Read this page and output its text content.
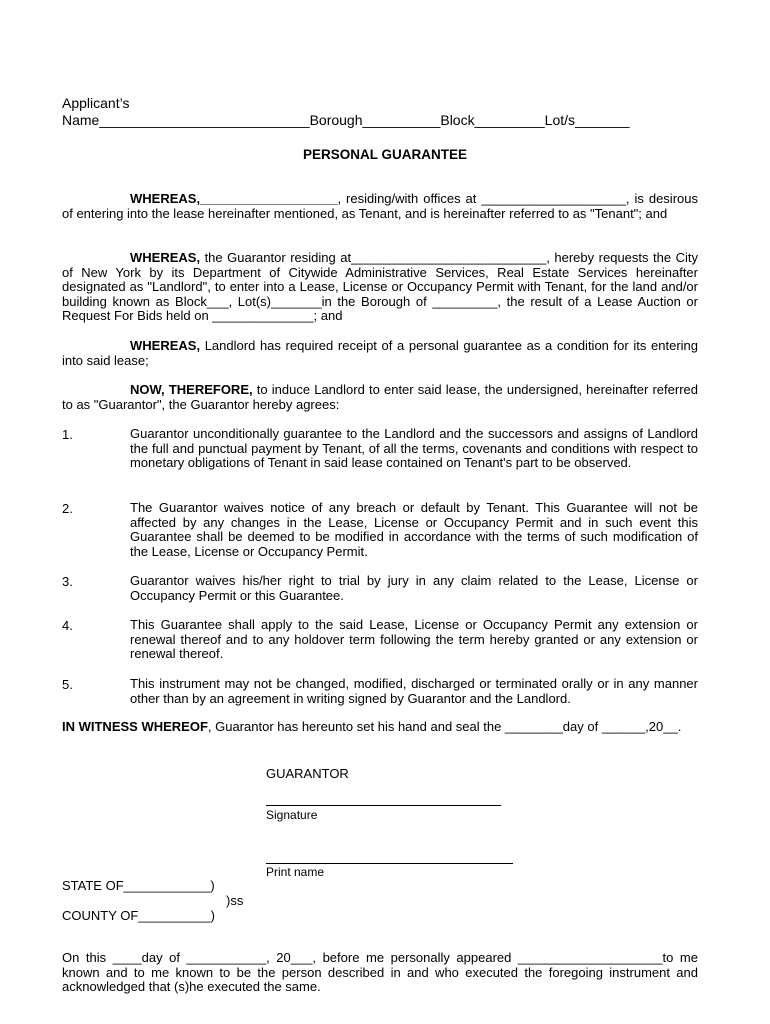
Applicant’s
Name___________________________Borough__________Block_________Lot/s_______
PERSONAL GUARANTEE
WHEREAS,___________________, residing/with offices at ____________________, is desirous of entering into the lease hereinafter mentioned, as Tenant, and is hereinafter referred to as "Tenant"; and
WHEREAS, the Guarantor residing at___________________________, hereby requests the City of New York by its Department of Citywide Administrative Services, Real Estate Services hereinafter designated as "Landlord", to enter into a Lease, License or Occupancy Permit with Tenant, for the land and/or building known as Block___, Lot(s)_______in the Borough of _________, the result of a Lease Auction or Request For Bids held on ______________; and
WHEREAS, Landlord has required receipt of a personal guarantee as a condition for its entering into said lease;
NOW, THEREFORE, to induce Landlord to enter said lease, the undersigned, hereinafter referred to as "Guarantor", the Guarantor hereby agrees:
1.	Guarantor unconditionally guarantee to the Landlord and the successors and assigns of Landlord the full and punctual payment by Tenant, of all the terms, covenants and conditions with respect to monetary obligations of Tenant in said lease contained on Tenant's part to be observed.
2.	The Guarantor waives notice of any breach or default by Tenant. This Guarantee will not be affected by any changes in the Lease, License or Occupancy Permit and in such event this Guarantee shall be deemed to be modified in accordance with the terms of such modification of the Lease, License or Occupancy Permit.
3.	Guarantor waives his/her right to trial by jury in any claim related to the Lease, License or Occupancy Permit or this Guarantee.
4.	This Guarantee shall apply to the said Lease, License or Occupancy Permit any extension or renewal thereof and to any holdover term following the term hereby granted or any extension or renewal thereof.
5.	This instrument may not be changed, modified, discharged or terminated orally or in any manner other than by an agreement in writing signed by Guarantor and the Landlord.
IN WITNESS WHEREOF, Guarantor has hereunto set his hand and seal the ________day of ______,20__.
GUARANTOR
Signature
Print name
STATE OF____________)
)ss
COUNTY OF__________)
On this ____day of ___________, 20___, before me personally appeared ____________________to me known and to me known to be the person described in and who executed the foregoing instrument and acknowledged that (s)he executed the same.
